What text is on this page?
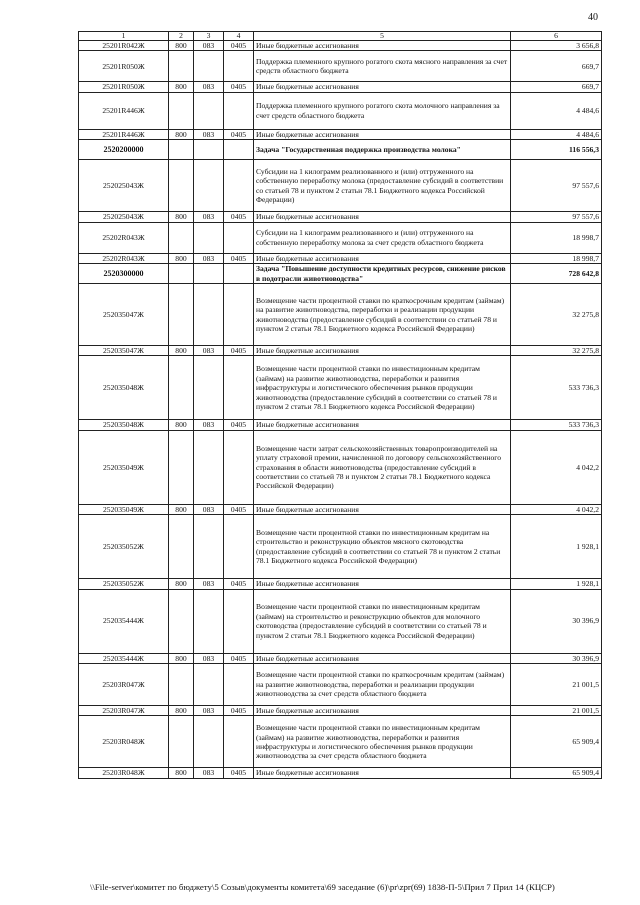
40
1	2	3	4	5	6
25201R042Ж	800	083	0405	Иные бюджетные ассигнования	3 656,8
25201R050Ж				Поддержка племенного крупного рогатого скота мясного направления за счет средств областного бюджета	669,7
25201R050Ж	800	083	0405	Иные бюджетные ассигнования	669,7
25201R446Ж				Поддержка племенного крупного рогатого скота молочного направления за счет средств областного бюджета	4 484,6
25201R446Ж	800	083	0405	Иные бюджетные ассигнования	4 484,6
2520200000				Задача "Государственная поддержка производства молока"	116 556,3
252025043Ж				Субсидии на 1 килограмм реализованного и (или) отгруженного на собственную переработку молока (предоставление субсидий в соответствии со статьей 78 и пунктом 2 статьи 78.1 Бюджетного кодекса Российской Федерации)	97 557,6
252025043Ж	800	083	0405	Иные бюджетные ассигнования	97 557,6
25202R043Ж				Субсидии на 1 килограмм реализованного и (или) отгруженного на собственную переработку молока за счет средств областного бюджета	18 998,7
25202R043Ж	800	083	0405	Иные бюджетные ассигнования	18 998,7
2520300000				Задача "Повышение доступности кредитных ресурсов, снижение рисков в подотрасли животноводства"	728 642,8
252035047Ж				Возмещение части процентной ставки по краткосрочным кредитам (займам) на развитие животноводства, переработки и реализации продукции животноводства (предоставление субсидий в соответствии со статьей 78 и пунктом 2 статьи 78.1 Бюджетного кодекса Российской Федерации)	32 275,8
252035047Ж	800	083	0405	Иные бюджетные ассигнования	32 275,8
252035048Ж				Возмещение части процентной ставки по инвестиционным кредитам (займам) на развитие животноводства, переработки и развития инфраструктуры и логистического обеспечения рынков продукции животноводства (предоставление субсидий в соответствии со статьей 78 и пунктом 2 статьи 78.1 Бюджетного кодекса Российской Федерации)	533 736,3
252035048Ж	800	083	0405	Иные бюджетные ассигнования	533 736,3
252035049Ж				Возмещение части затрат сельскохозяйственных товаропроизводителей на уплату страховой премии, начисленной по договору сельскохозяйственного страхования в области животноводства (предоставление субсидий в соответствии со статьей 78 и пунктом 2 статьи 78.1 Бюджетного кодекса Российской Федерации)	4 042,2
252035049Ж	800	083	0405	Иные бюджетные ассигнования	4 042,2
252035052Ж				Возмещение части процентной ставки по инвестиционным кредитам на строительство и реконструкцию объектов мясного скотоводства (предоставление субсидий в соответствии со статьей 78 и пунктом 2 статьи 78.1 Бюджетного кодекса Российской Федерации)	1 928,1
252035052Ж	800	083	0405	Иные бюджетные ассигнования	1 928,1
252035444Ж				Возмещение части процентной ставки по инвестиционным кредитам (займам) на строительство и реконструкцию объектов для молочного скотоводства (предоставление субсидий в соответствии со статьей 78 и пунктом 2 статьи 78.1 Бюджетного кодекса Российской Федерации)	30 396,9
252035444Ж	800	083	0405	Иные бюджетные ассигнования	30 396,9
25203R047Ж				Возмещение части процентной ставки по краткосрочным кредитам (займам) на развитие животноводства, переработки и реализации продукции животноводства за счет средств областного бюджета	21 001,5
25203R047Ж	800	083	0405	Иные бюджетные ассигнования	21 001,5
25203R048Ж				Возмещение части процентной ставки по инвестиционным кредитам (займам) на развитие животноводства, переработки и развития инфраструктуры и логистического обеспечения рынков продукции животноводства за счет средств областного бюджета	65 909,4
25203R048Ж	800	083	0405	Иные бюджетные ассигнования	65 909,4
\\File-server\комитет по бюджету\5 Созыв\документы комитета\69 заседание (6)\pr\zpr(69) 1838-П-5\Прил 7 Прил 14 (КЦСР)
